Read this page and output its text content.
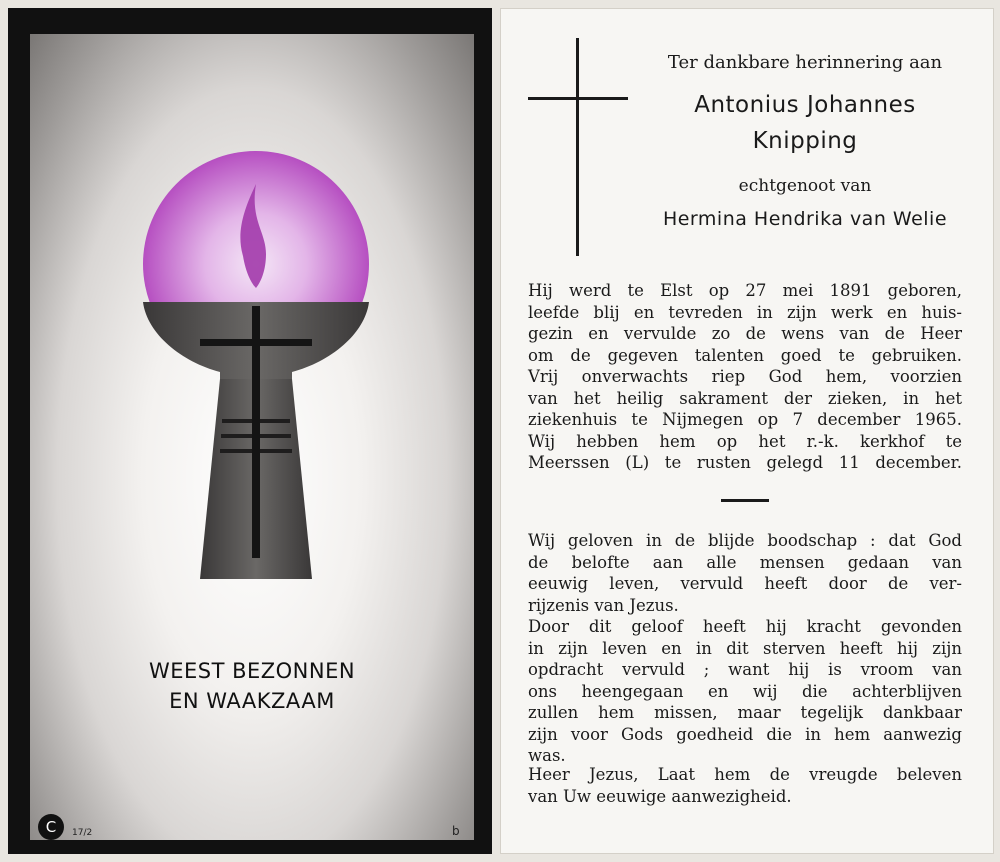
WEEST BEZONNEN
EN WAAKZAAM
C	17/2	b
Ter dankbare herinnering aan
Antonius Johannes
Knipping
echtgenoot van
Hermina Hendrika van Welie
Hij werd te Elst op 27 mei 1891 geboren,
leefde blij en tevreden in zijn werk en huis-
gezin en vervulde zo de wens van de Heer
om de gegeven talenten goed te gebruiken.
Vrij onverwachts riep God hem, voorzien
van het heilig sakrament der zieken, in het
ziekenhuis te Nijmegen op 7 december 1965.
Wij hebben hem op het r.-k. kerkhof te
Meerssen (L) te rusten gelegd 11 december.
Wij geloven in de blijde boodschap : dat God
de belofte aan alle mensen gedaan van
eeuwig leven, vervuld heeft door de ver-
rijzenis van Jezus.
Door dit geloof heeft hij kracht gevonden
in zijn leven en in dit sterven heeft hij zijn
opdracht vervuld ; want hij is vroom van
ons heengegaan en wij die achterblijven
zullen hem missen, maar tegelijk dankbaar
zijn voor Gods goedheid die in hem aanwezig
was.
Heer Jezus, Laat hem de vreugde beleven
van Uw eeuwige aanwezigheid.
